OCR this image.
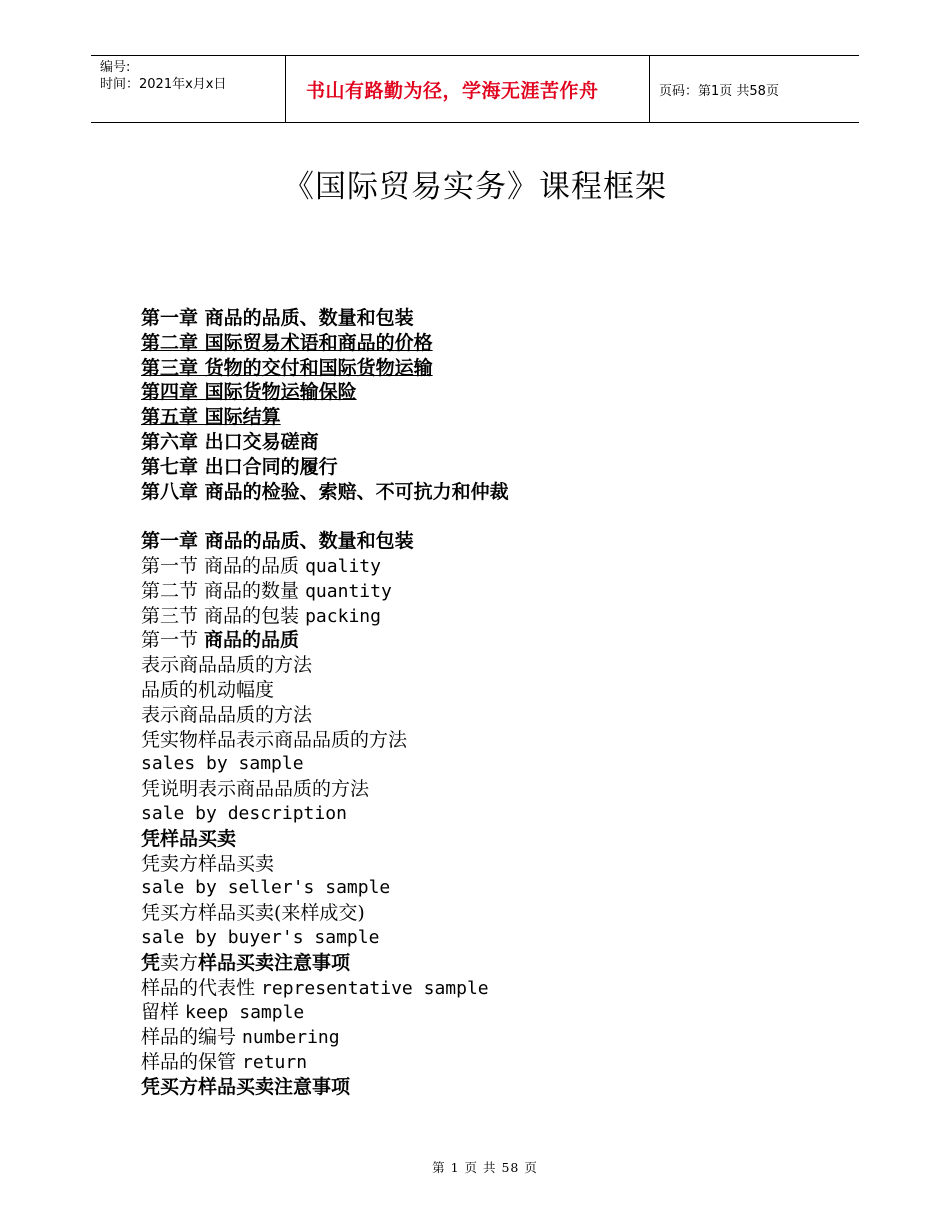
编号:
时间：2021年x月x日	书山有路勤为径，学海无涯苦作舟	页码：第1页 共58页
《国际贸易实务》课程框架
第一章 商品的品质、数量和包装
第二章 国际贸易术语和商品的价格
第三章 货物的交付和国际货物运输
第四章 国际货物运输保险
第五章 国际结算
第六章 出口交易磋商
第七章 出口合同的履行
第八章 商品的检验、索赔、不可抗力和仲裁
第一章 商品的品质、数量和包装
第一节 商品的品质 quality
第二节 商品的数量 quantity
第三节 商品的包装 packing
第一节 商品的品质
表示商品品质的方法
品质的机动幅度
表示商品品质的方法
凭实物样品表示商品品质的方法
sales by sample
凭说明表示商品品质的方法
sale by description
凭样品买卖
凭卖方样品买卖
sale by seller's sample
凭买方样品买卖(来样成交)
sale by buyer's sample
凭卖方样品买卖注意事项
样品的代表性 representative sample
留样 keep sample
样品的编号 numbering
样品的保管 return
凭买方样品买卖注意事项
第 1 页 共 58 页
